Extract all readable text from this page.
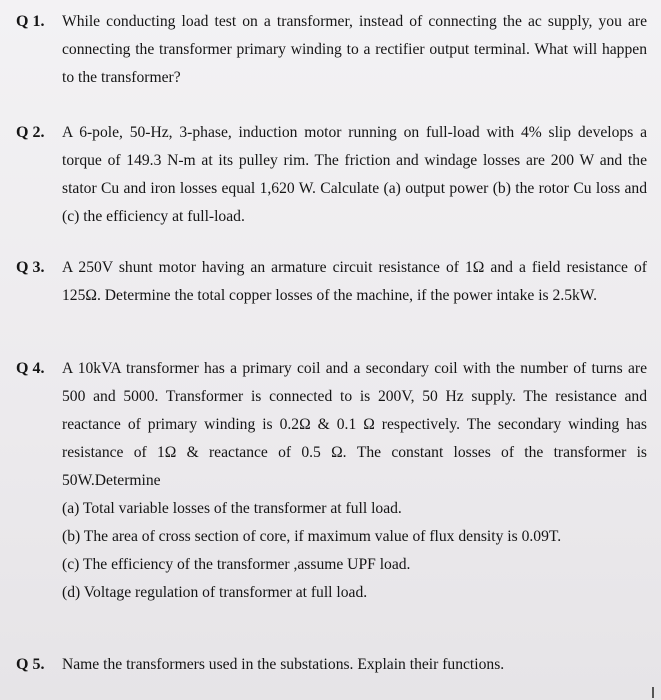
Q 1. While conducting load test on a transformer, instead of connecting the ac supply, you are connecting the transformer primary winding to a rectifier output terminal. What will happen to the transformer?
Q 2. A 6-pole, 50-Hz, 3-phase, induction motor running on full-load with 4% slip develops a torque of 149.3 N-m at its pulley rim. The friction and windage losses are 200 W and the stator Cu and iron losses equal 1,620 W. Calculate (a) output power (b) the rotor Cu loss and (c) the efficiency at full-load.
Q 3. A 250V shunt motor having an armature circuit resistance of 1Ω and a field resistance of 125Ω. Determine the total copper losses of the machine, if the power intake is 2.5kW.
Q 4. A 10kVA transformer has a primary coil and a secondary coil with the number of turns are 500 and 5000. Transformer is connected to is 200V, 50 Hz supply. The resistance and reactance of primary winding is 0.2Ω & 0.1 Ω respectively. The secondary winding has resistance of 1Ω & reactance of 0.5 Ω. The constant losses of the transformer is 50W.Determine
(a) Total variable losses of the transformer at full load.
(b) The area of cross section of core, if maximum value of flux density is 0.09T.
(c) The efficiency of the transformer ,assume UPF load.
(d) Voltage regulation of transformer at full load.
Q 5. Name the transformers used in the substations. Explain their functions.
